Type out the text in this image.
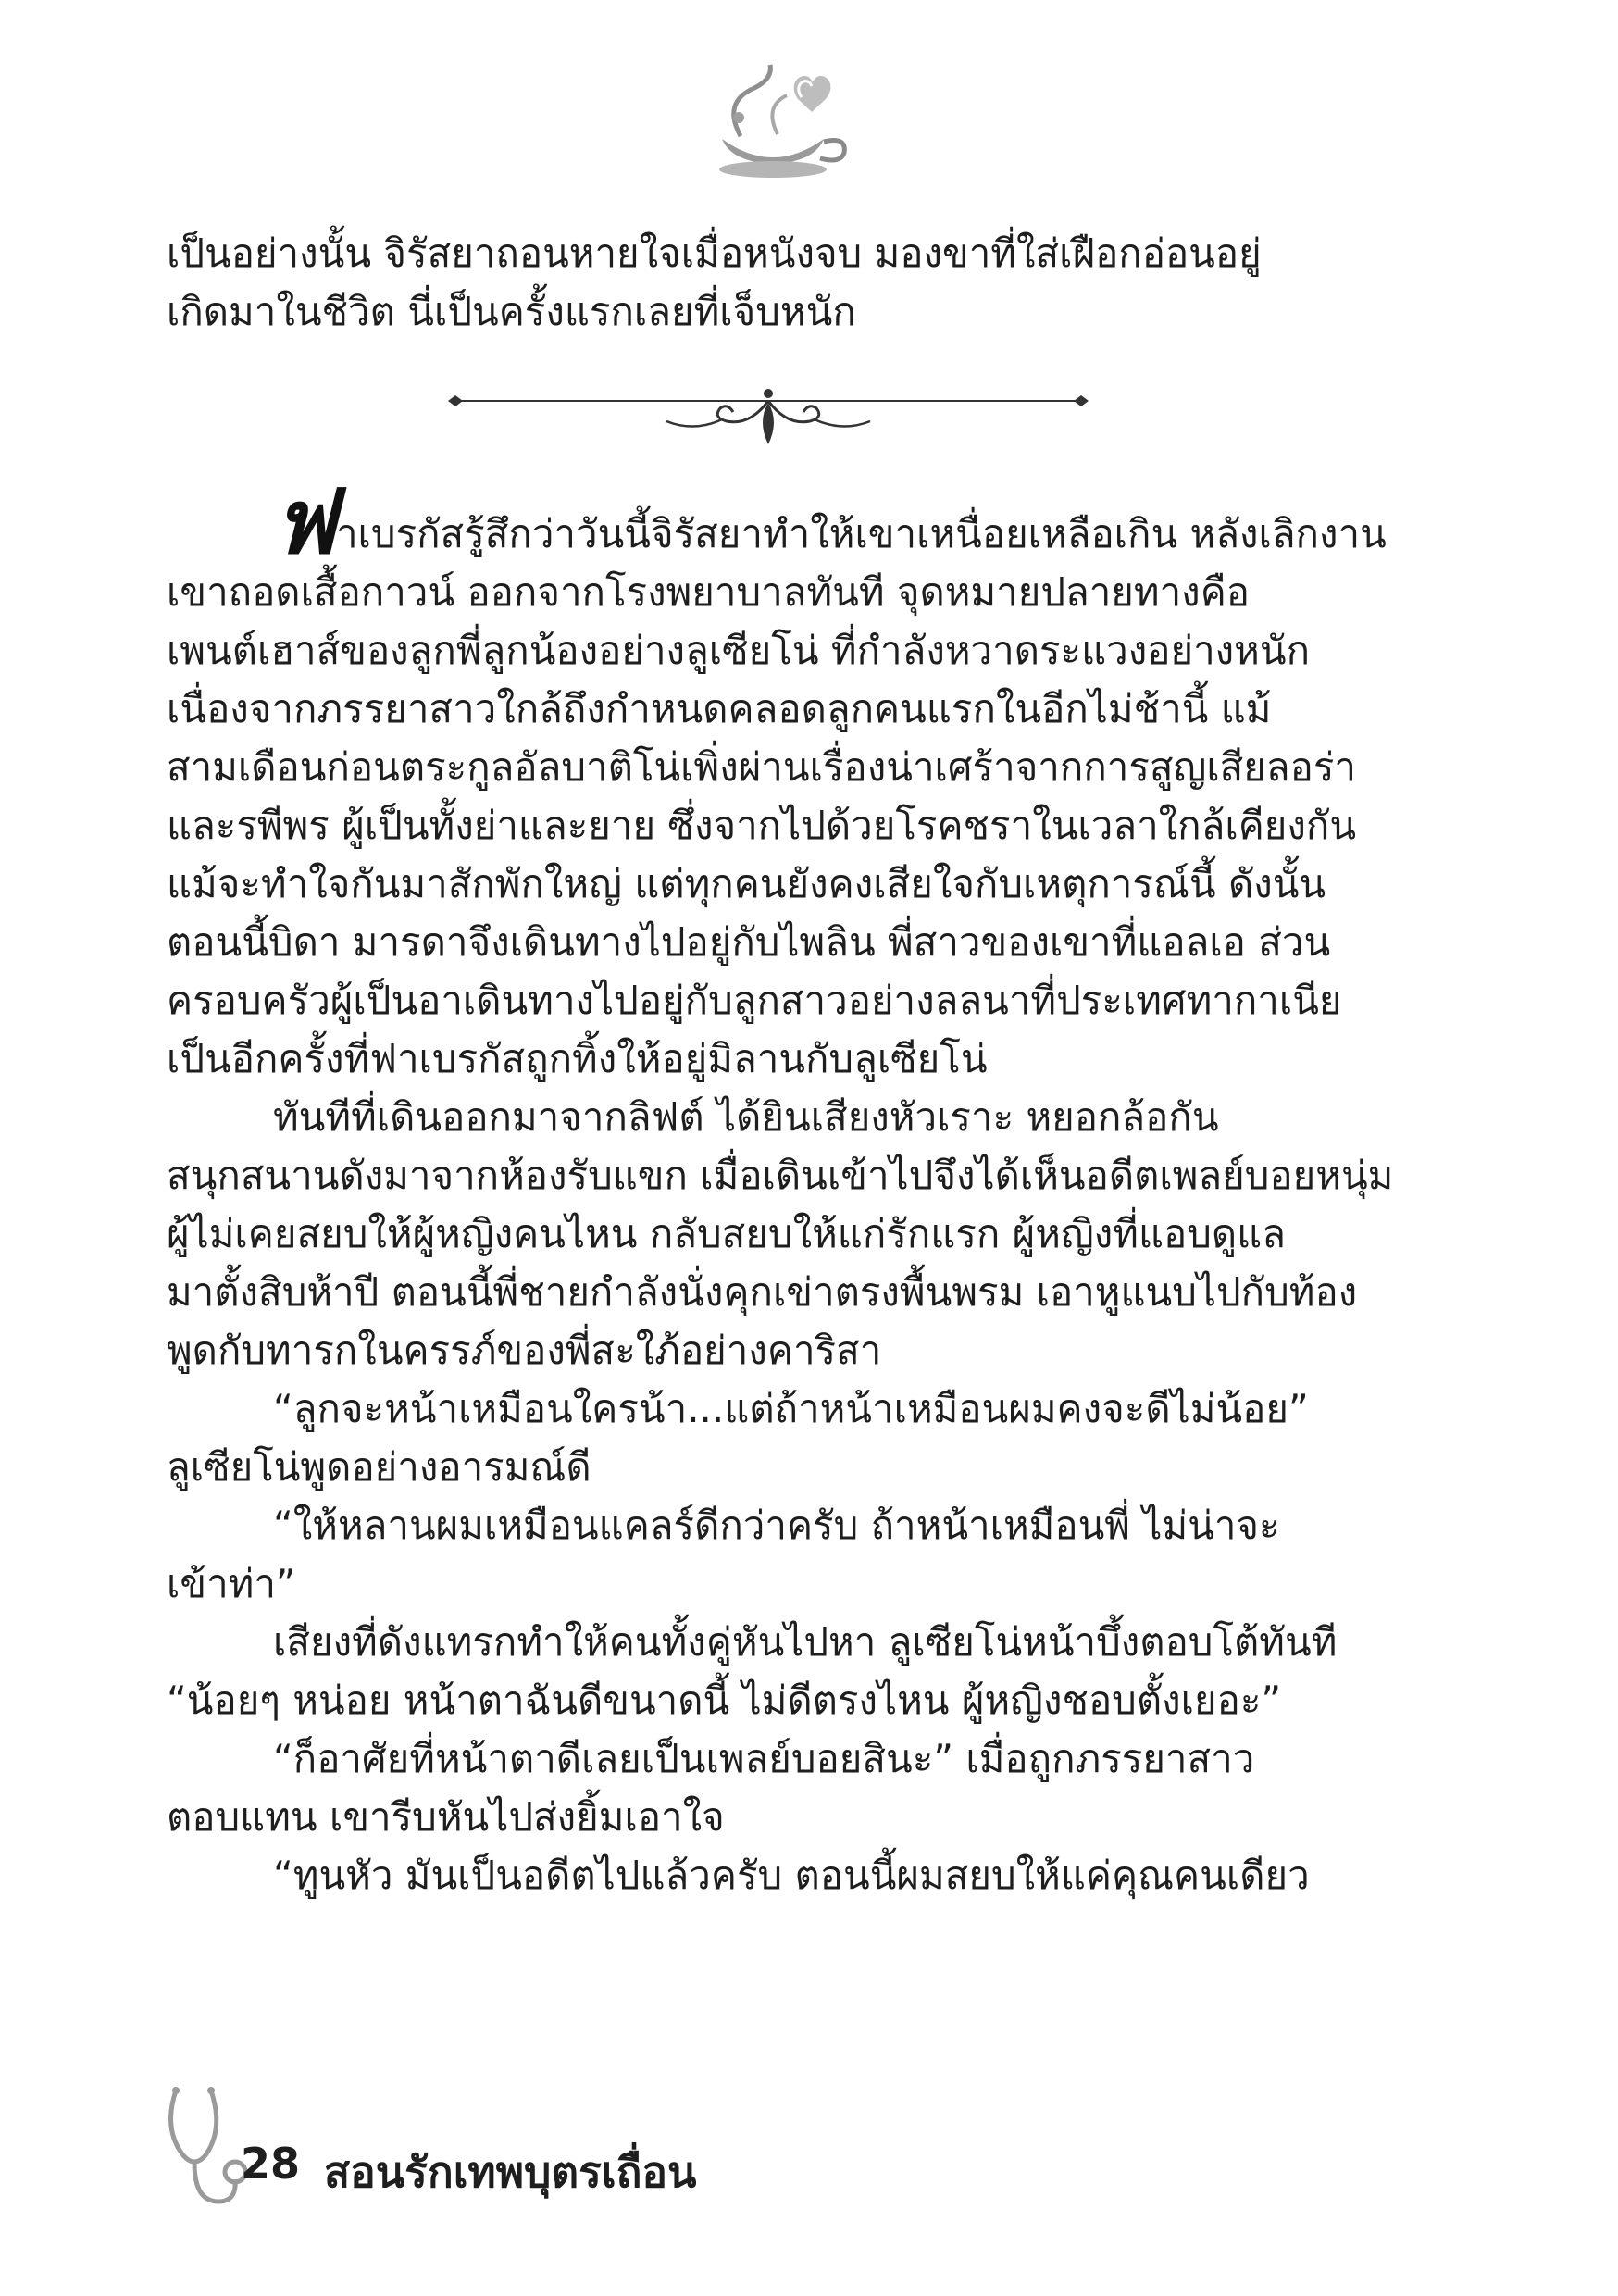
เป็นอย่างนั้น จิรัสยาถอนหายใจเมื่อหนังจบ มองขาที่ใส่เฝือกอ่อนอยู่

เกิดมาในชีวิต นี่เป็นครั้งแรกเลยที่เจ็บหนัก

ฟาเบรกัสรู้สึกว่าวันนี้จิรัสยาทำให้เขาเหนื่อยเหลือเกิน หลังเลิกงาน

เขาถอดเสื้อกาวน์ ออกจากโรงพยาบาลทันที จุดหมายปลายทางคือ

เพนต์เฮาส์ของลูกพี่ลูกน้องอย่างลูเซียโน่ ที่กำลังหวาดระแวงอย่างหนัก

เนื่องจากภรรยาสาวใกล้ถึงกำหนดคลอดลูกคนแรกในอีกไม่ช้านี้ แม้

สามเดือนก่อนตระกูลอัลบาติโน่เพิ่งผ่านเรื่องน่าเศร้าจากการสูญเสียลอร่า

และรพีพร ผู้เป็นทั้งย่าและยาย ซึ่งจากไปด้วยโรคชราในเวลาใกล้เคียงกัน

แม้จะทำใจกันมาสักพักใหญ่ แต่ทุกคนยังคงเสียใจกับเหตุการณ์นี้ ดังนั้น

ตอนนี้บิดา มารดาจึงเดินทางไปอยู่กับไพลิน พี่สาวของเขาที่แอลเอ ส่วน

ครอบครัวผู้เป็นอาเดินทางไปอยู่กับลูกสาวอย่างลลนาที่ประเทศทากาเนีย

เป็นอีกครั้งที่ฟาเบรกัสถูกทิ้งให้อยู่มิลานกับลูเซียโน่

ทันทีที่เดินออกมาจากลิฟต์ ได้ยินเสียงหัวเราะ หยอกล้อกัน

สนุกสนานดังมาจากห้องรับแขก เมื่อเดินเข้าไปจึงได้เห็นอดีตเพลย์บอยหนุ่ม

ผู้ไม่เคยสยบให้ผู้หญิงคนไหน กลับสยบให้แก่รักแรก ผู้หญิงที่แอบดูแล

มาตั้งสิบห้าปี ตอนนี้พี่ชายกำลังนั่งคุกเข่าตรงพื้นพรม เอาหูแนบไปกับท้อง

พูดกับทารกในครรภ์ของพี่สะใภ้อย่างคาริสา

“ลูกจะหน้าเหมือนใครน้า...แต่ถ้าหน้าเหมือนผมคงจะดีไม่น้อย”

ลูเซียโน่พูดอย่างอารมณ์ดี

“ให้หลานผมเหมือนแคลร์ดีกว่าครับ ถ้าหน้าเหมือนพี่ ไม่น่าจะ

เข้าท่า”

เสียงที่ดังแทรกทำให้คนทั้งคู่หันไปหา ลูเซียโน่หน้าบึ้งตอบโต้ทันที

“น้อยๆ หน่อย หน้าตาฉันดีขนาดนี้ ไม่ดีตรงไหน ผู้หญิงชอบตั้งเยอะ”

“ก็อาศัยที่หน้าตาดีเลยเป็นเพลย์บอยสินะ” เมื่อถูกภรรยาสาว

ตอบแทน เขารีบหันไปส่งยิ้มเอาใจ

“ทูนหัว มันเป็นอดีตไปแล้วครับ ตอนนี้ผมสยบให้แค่คุณคนเดียว

28 สอนรักเทพบุตรเถื่อน
